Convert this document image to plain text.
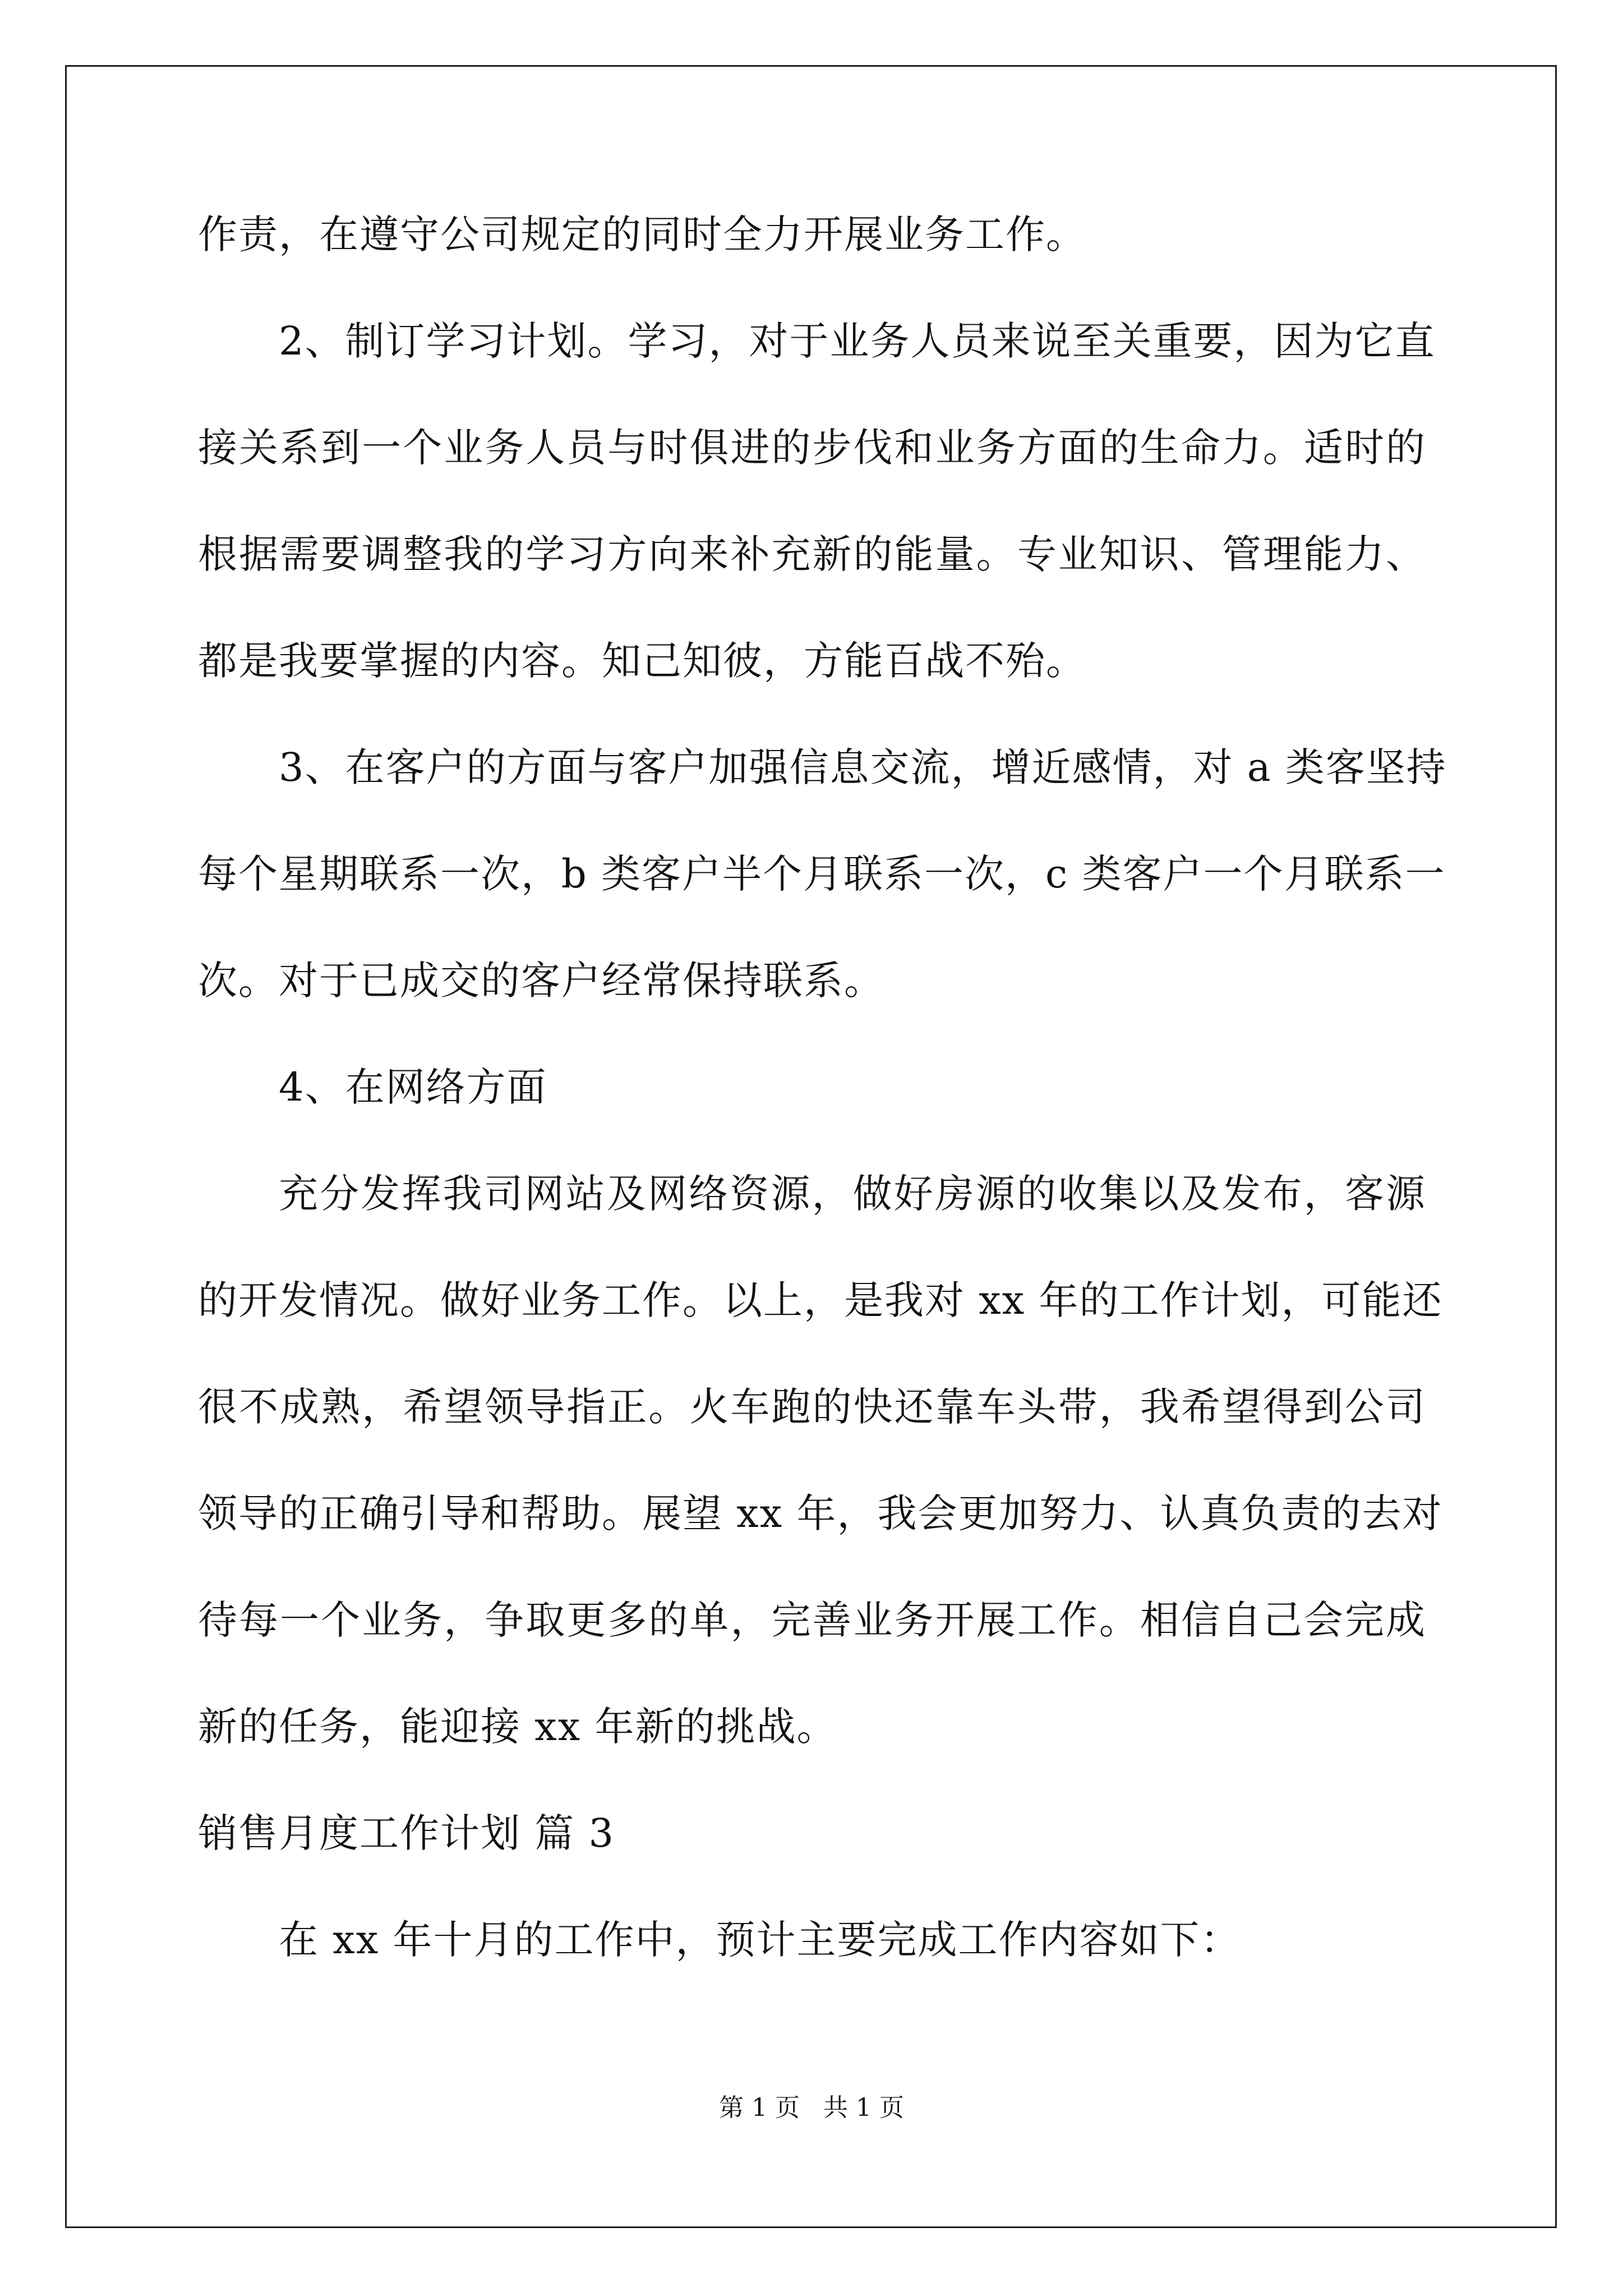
作责，在遵守公司规定的同时全力开展业务工作。
2、制订学习计划。学习，对于业务人员来说至关重要，因为它直
接关系到一个业务人员与时俱进的步伐和业务方面的生命力。适时的
根据需要调整我的学习方向来补充新的能量。专业知识、管理能力、
都是我要掌握的内容。知己知彼，方能百战不殆。
3、在客户的方面与客户加强信息交流，增近感情，对 a 类客坚持
每个星期联系一次，b 类客户半个月联系一次，c 类客户一个月联系一
次。对于已成交的客户经常保持联系。
4、在网络方面
充分发挥我司网站及网络资源，做好房源的收集以及发布，客源
的开发情况。做好业务工作。以上，是我对 xx 年的工作计划，可能还
很不成熟，希望领导指正。火车跑的快还靠车头带，我希望得到公司
领导的正确引导和帮助。展望 xx 年，我会更加努力、认真负责的去对
待每一个业务，争取更多的单，完善业务开展工作。相信自己会完成
新的任务，能迎接 xx 年新的挑战。
销售月度工作计划 篇 3
在 xx 年十月的工作中，预计主要完成工作内容如下：
第 1 页 共 1 页
